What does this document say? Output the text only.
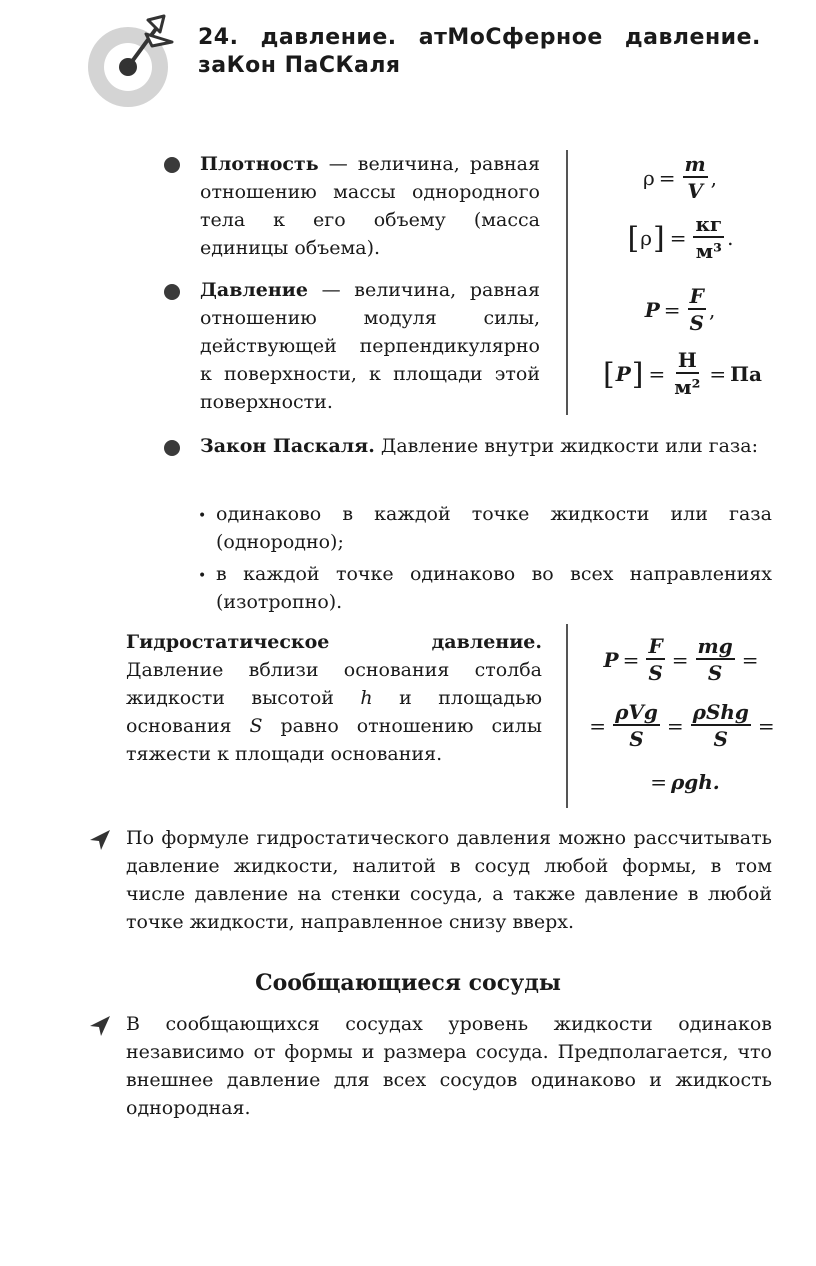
24. давление. атМоСферное давление.
заКон ПаСКаля
Плотность — величина, равная отношению массы однородного тела к его объему (масса единицы объема).
$\rho = \frac{m}{V}$ ,
[ ρ ] = $\frac{кг}{\text{м³}}$ .
Давление — величина, равная отношению модуля силы, действующей перпендикулярно к поверхности, к площади этой поверхности.
$P = \frac{F}{S}$ ,
[ P ] = $\frac{Н}{\text{м²}}$ = Па
Закон Паскаля. Давление внутри жидкости или газа:
• одинаково в каждой точке жидкости или газа (однородно);
• в каждой точке одинаково во всех направлениях (изотропно).
Гидростатическое давление. Давление вблизи основания столба жидкости высотой h и площадью основания S равно отношению силы тяжести к площади основания.
$P = \frac{F}{S} = \frac{mg}{S}$ =
= $\frac{\text{ρVg}}{S} = \frac{\text{ρShg}}{S}$ =
= ρgh.
По формуле гидростатического давления можно рассчитывать давление жидкости, налитой в сосуд любой формы, в том числе давление на стенки сосуда, а также давление в любой точке жидкости, направленное снизу вверх.
Сообщающиеся сосуды
В сообщающихся сосудах уровень жидкости одинаков независимо от формы и размера сосуда. Предполагается, что внешнее давление для всех сосудов одинаково и жидкость однородная.
